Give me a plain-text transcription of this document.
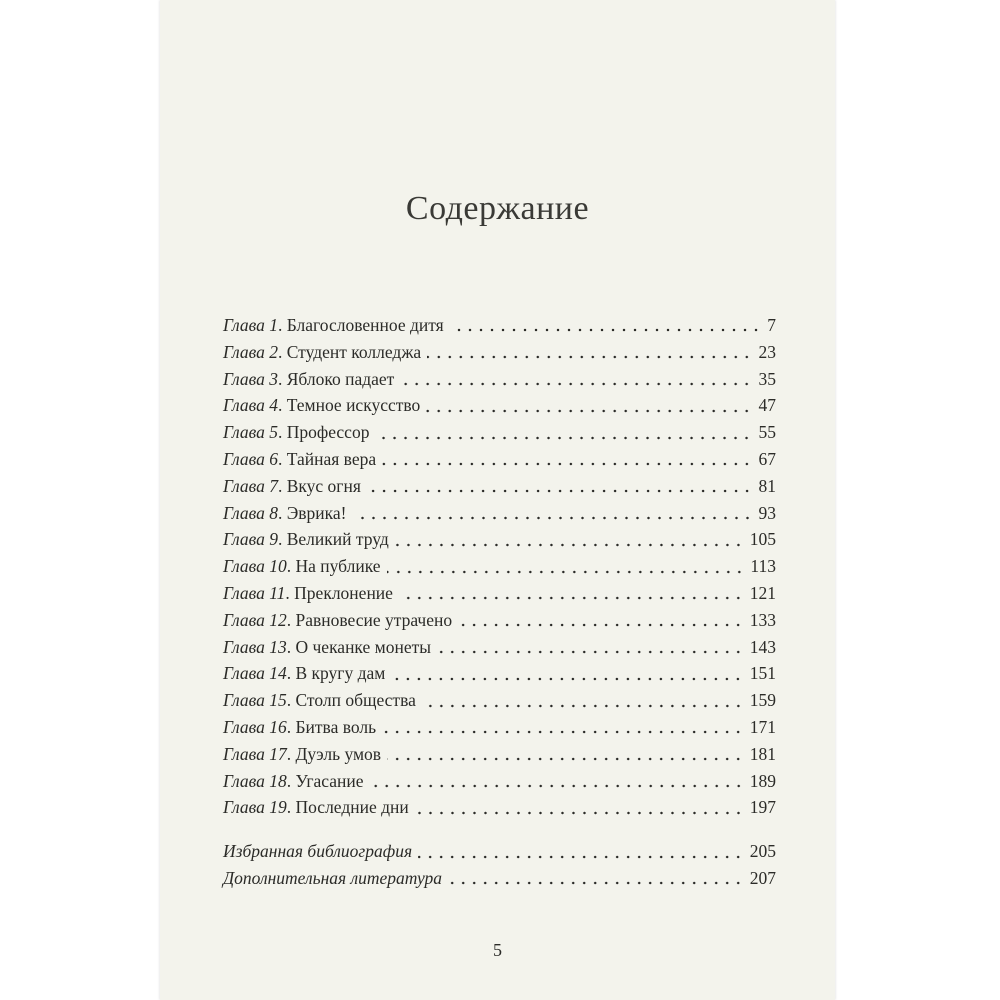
Содержание
Глава 1. Благословенное дитя	7
Глава 2. Студент колледжа	23
Глава 3. Яблоко падает	35
Глава 4. Темное искусство	47
Глава 5. Профессор	55
Глава 6. Тайная вера	67
Глава 7. Вкус огня	81
Глава 8. Эврика!	93
Глава 9. Великий труд	105
Глава 10. На публике	113
Глава 11. Преклонение	121
Глава 12. Равновесие утрачено	133
Глава 13. О чеканке монеты	143
Глава 14. В кругу дам	151
Глава 15. Столп общества	159
Глава 16. Битва воль	171
Глава 17. Дуэль умов	181
Глава 18. Угасание	189
Глава 19. Последние дни	197
Избранная библиография	205
Дополнительная литература	207
5
